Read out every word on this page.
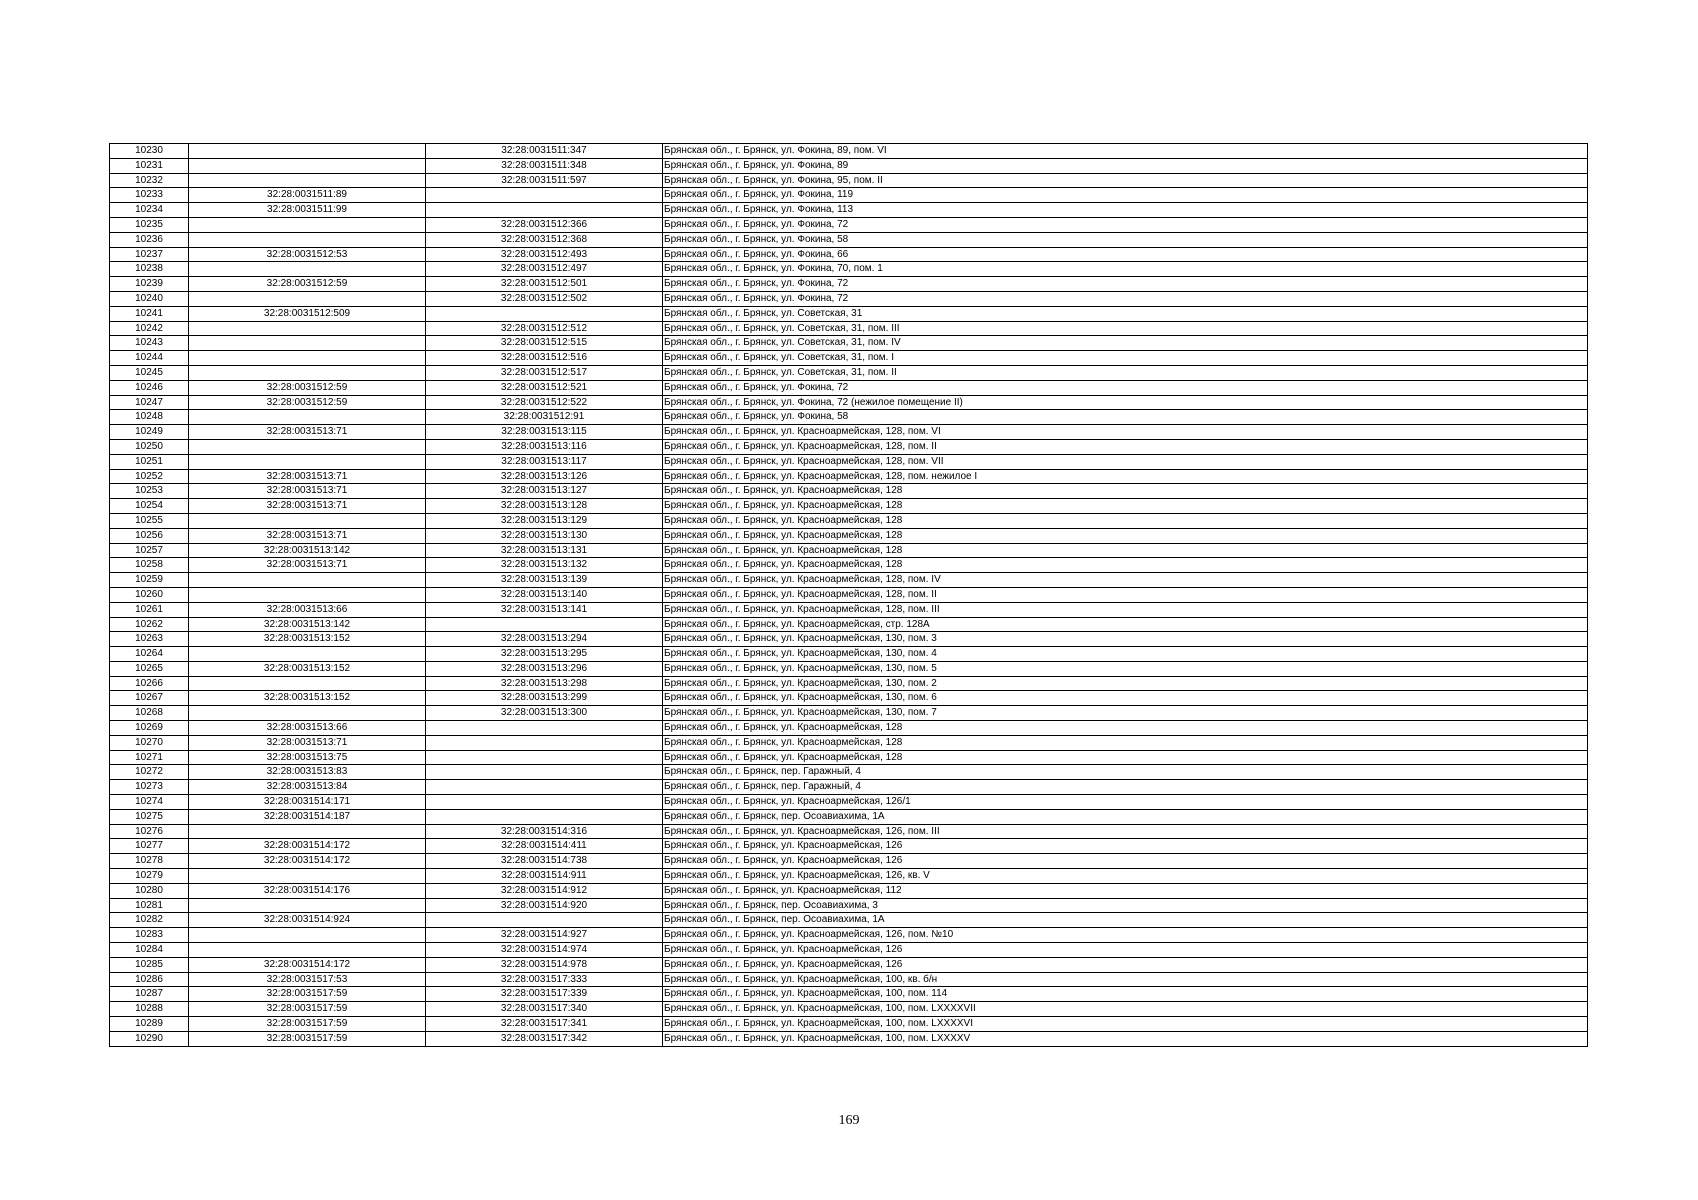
10230		32:28:0031511:347	Брянская обл., г. Брянск, ул. Фокина, 89, пом. VI
10231		32:28:0031511:348	Брянская обл., г. Брянск, ул. Фокина, 89
10232		32:28:0031511:597	Брянская обл., г. Брянск, ул. Фокина, 95, пом. II
10233	32:28:0031511:89		Брянская обл., г. Брянск, ул. Фокина, 119
10234	32:28:0031511:99		Брянская обл., г. Брянск, ул. Фокина, 113
10235		32:28:0031512:366	Брянская обл., г. Брянск, ул. Фокина, 72
10236		32:28:0031512:368	Брянская обл., г. Брянск, ул. Фокина, 58
10237	32:28:0031512:53	32:28:0031512:493	Брянская обл., г. Брянск, ул. Фокина, 66
10238		32:28:0031512:497	Брянская обл., г. Брянск, ул. Фокина, 70, пом. 1
10239	32:28:0031512:59	32:28:0031512:501	Брянская обл., г. Брянск, ул. Фокина, 72
10240		32:28:0031512:502	Брянская обл., г. Брянск, ул. Фокина, 72
10241	32:28:0031512:509		Брянская обл., г. Брянск, ул. Советская, 31
10242		32:28:0031512:512	Брянская обл., г. Брянск, ул. Советская, 31, пом. III
10243		32:28:0031512:515	Брянская обл., г. Брянск, ул. Советская, 31, пом. IV
10244		32:28:0031512:516	Брянская обл., г. Брянск, ул. Советская, 31, пом. I
10245		32:28:0031512:517	Брянская обл., г. Брянск, ул. Советская, 31, пом. II
10246	32:28:0031512:59	32:28:0031512:521	Брянская обл., г. Брянск, ул. Фокина, 72
10247	32:28:0031512:59	32:28:0031512:522	Брянская обл., г. Брянск, ул. Фокина, 72 (нежилое помещение II)
10248		32:28:0031512:91	Брянская обл., г. Брянск, ул. Фокина, 58
10249	32:28:0031513:71	32:28:0031513:115	Брянская обл., г. Брянск, ул. Красноармейская, 128, пом. VI
10250		32:28:0031513:116	Брянская обл., г. Брянск, ул. Красноармейская, 128, пом. II
10251		32:28:0031513:117	Брянская обл., г. Брянск, ул. Красноармейская, 128, пом. VII
10252	32:28:0031513:71	32:28:0031513:126	Брянская обл., г. Брянск, ул. Красноармейская, 128, пом. нежилое I
10253	32:28:0031513:71	32:28:0031513:127	Брянская обл., г. Брянск, ул. Красноармейская, 128
10254	32:28:0031513:71	32:28:0031513:128	Брянская обл., г. Брянск, ул. Красноармейская, 128
10255		32:28:0031513:129	Брянская обл., г. Брянск, ул. Красноармейская, 128
10256	32:28:0031513:71	32:28:0031513:130	Брянская обл., г. Брянск, ул. Красноармейская, 128
10257	32:28:0031513:142	32:28:0031513:131	Брянская обл., г. Брянск, ул. Красноармейская, 128
10258	32:28:0031513:71	32:28:0031513:132	Брянская обл., г. Брянск, ул. Красноармейская, 128
10259		32:28:0031513:139	Брянская обл., г. Брянск, ул. Красноармейская, 128, пом. IV
10260		32:28:0031513:140	Брянская обл., г. Брянск, ул. Красноармейская, 128, пом. II
10261	32:28:0031513:66	32:28:0031513:141	Брянская обл., г. Брянск, ул. Красноармейская, 128, пом. III
10262	32:28:0031513:142		Брянская обл., г. Брянск, ул. Красноармейская, стр. 128А
10263	32:28:0031513:152	32:28:0031513:294	Брянская обл., г. Брянск, ул. Красноармейская, 130, пом. 3
10264		32:28:0031513:295	Брянская обл., г. Брянск, ул. Красноармейская, 130, пом. 4
10265	32:28:0031513:152	32:28:0031513:296	Брянская обл., г. Брянск, ул. Красноармейская, 130, пом. 5
10266		32:28:0031513:298	Брянская обл., г. Брянск, ул. Красноармейская, 130, пом. 2
10267	32:28:0031513:152	32:28:0031513:299	Брянская обл., г. Брянск, ул. Красноармейская, 130, пом. 6
10268		32:28:0031513:300	Брянская обл., г. Брянск, ул. Красноармейская, 130, пом. 7
10269	32:28:0031513:66		Брянская обл., г. Брянск, ул. Красноармейская, 128
10270	32:28:0031513:71		Брянская обл., г. Брянск, ул. Красноармейская, 128
10271	32:28:0031513:75		Брянская обл., г. Брянск, ул. Красноармейская, 128
10272	32:28:0031513:83		Брянская обл., г. Брянск, пер. Гаражный, 4
10273	32:28:0031513:84		Брянская обл., г. Брянск, пер. Гаражный, 4
10274	32:28:0031514:171		Брянская обл., г. Брянск, ул. Красноармейская, 126/1
10275	32:28:0031514:187		Брянская обл., г. Брянск, пер. Осоавиахима, 1А
10276		32:28:0031514:316	Брянская обл., г. Брянск, ул. Красноармейская, 126, пом. III
10277	32:28:0031514:172	32:28:0031514:411	Брянская обл., г. Брянск, ул. Красноармейская, 126
10278	32:28:0031514:172	32:28:0031514:738	Брянская обл., г. Брянск, ул. Красноармейская, 126
10279		32:28:0031514:911	Брянская обл., г. Брянск, ул. Красноармейская, 126, кв. V
10280	32:28:0031514:176	32:28:0031514:912	Брянская обл., г. Брянск, ул. Красноармейская, 112
10281		32:28:0031514:920	Брянская обл., г. Брянск, пер. Осоавиахима, 3
10282	32:28:0031514:924		Брянская обл., г. Брянск, пер. Осоавиахима, 1А
10283		32:28:0031514:927	Брянская обл., г. Брянск, ул. Красноармейская, 126, пом. №10
10284		32:28:0031514:974	Брянская обл., г. Брянск, ул. Красноармейская, 126
10285	32:28:0031514:172	32:28:0031514:978	Брянская обл., г. Брянск, ул. Красноармейская, 126
10286	32:28:0031517:53	32:28:0031517:333	Брянская обл., г. Брянск, ул. Красноармейская, 100, кв. б/н
10287	32:28:0031517:59	32:28:0031517:339	Брянская обл., г. Брянск, ул. Красноармейская, 100, пом. 114
10288	32:28:0031517:59	32:28:0031517:340	Брянская обл., г. Брянск, ул. Красноармейская, 100, пом. LXXXXVII
10289	32:28:0031517:59	32:28:0031517:341	Брянская обл., г. Брянск, ул. Красноармейская, 100, пом. LXXXXVI
10290	32:28:0031517:59	32:28:0031517:342	Брянская обл., г. Брянск, ул. Красноармейская, 100, пом. LXXXXV
169
